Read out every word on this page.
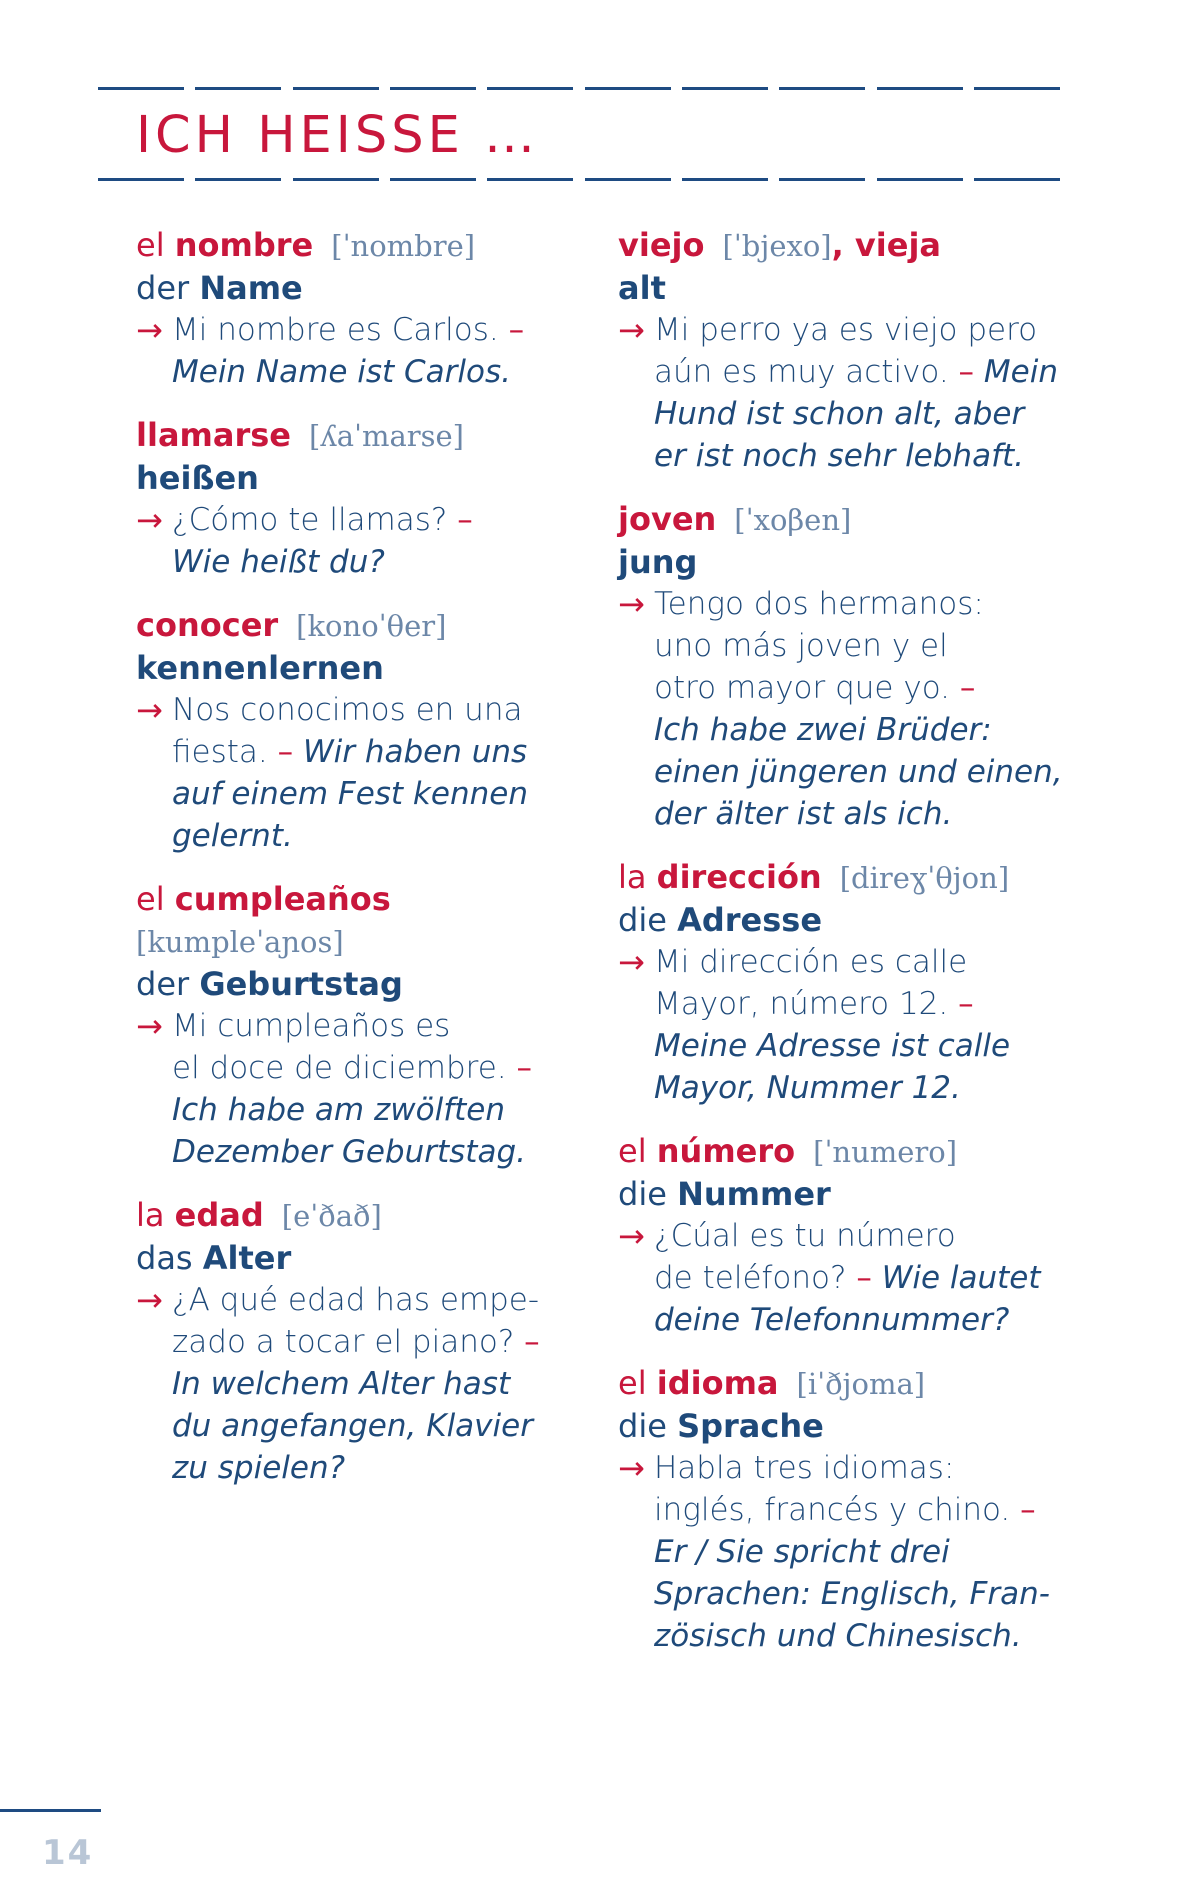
ICH HEISSE …
el nombre [ˈnombre]
der Name
→ Mi nombre es Carlos. –

Mein Name ist Carlos.

llamarse [ʎaˈmarse]
heißen
→ ¿Cómo te llamas? –

Wie heißt du?

conocer [konoˈθer]
kennenlernen
→ Nos conocimos en una

fiesta. – Wir haben uns

auf einem Fest kennen

gelernt.

el cumpleaños
[kumpleˈaɲos]
der Geburtstag
→ Mi cumpleaños es

el doce de diciembre. –

Ich habe am zwölften

Dezember Geburtstag.

la edad [eˈðað]
das Alter
→ ¿A qué edad has empe-

zado a tocar el piano? –

In welchem Alter hast

du angefangen, Klavier

zu spielen?

viejo [ˈbjexo], vieja
alt
→ Mi perro ya es viejo pero

aún es muy activo. – Mein

Hund ist schon alt, aber

er ist noch sehr lebhaft.

joven [ˈxoβen]
jung
→ Tengo dos hermanos:

uno más joven y el

otro mayor que yo. –

Ich habe zwei Brüder:

einen jüngeren und einen,

der älter ist als ich.

la dirección [direɣˈθjon]
die Adresse
→ Mi dirección es calle

Mayor, número 12. –

Meine Adresse ist calle

Mayor, Nummer 12.

el número [ˈnumero]
die Nummer
→ ¿Cúal es tu número

de teléfono? – Wie lautet

deine Telefonnummer?

el idioma [iˈðjoma]
die Sprache
→ Habla tres idiomas:

inglés, francés y chino. –

Er / Sie spricht drei

Sprachen: Englisch, Fran-

zösisch und Chinesisch.

14
